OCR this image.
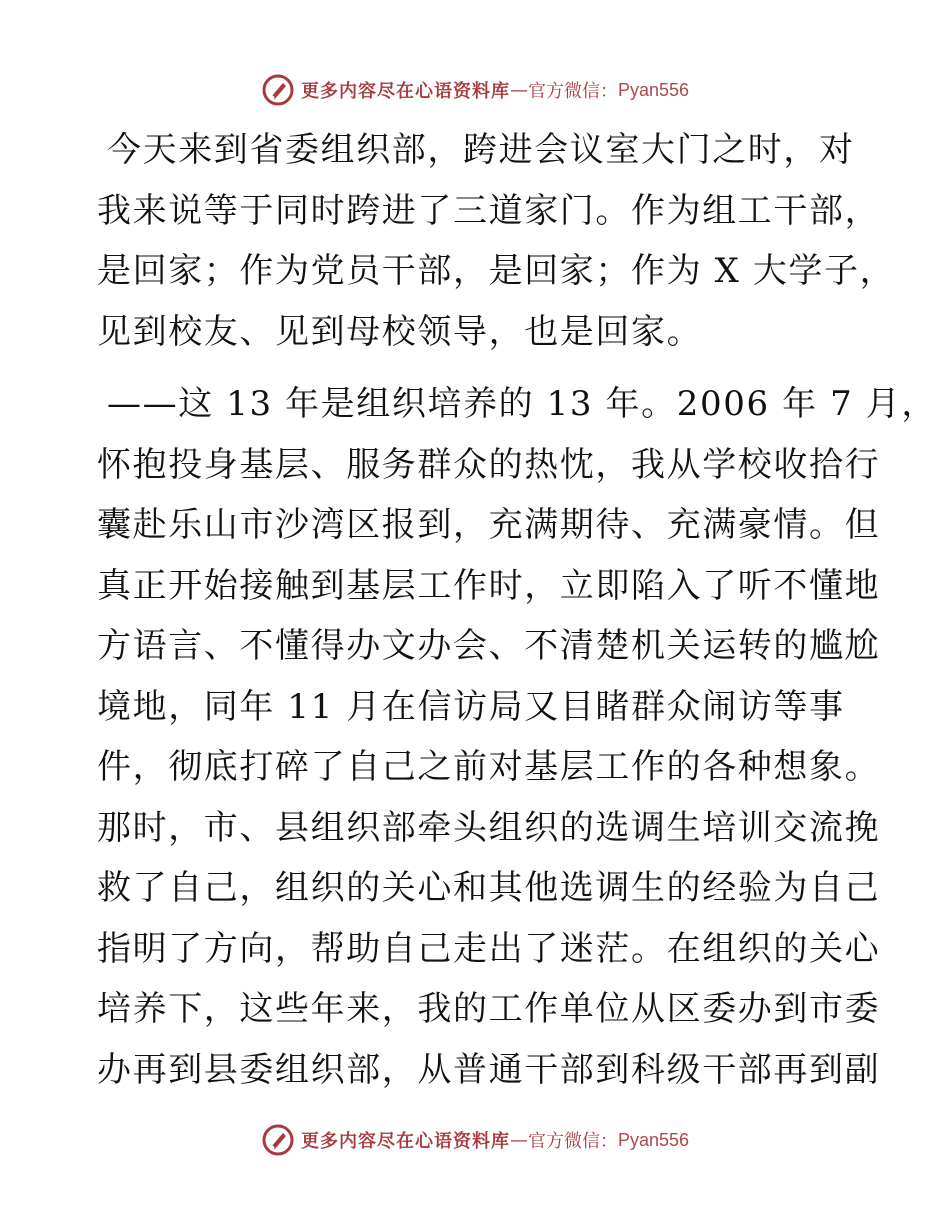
更多内容尽在心语资料库 — 官方微信： Pyan556
今天来到省委组织部，跨进会议室大门之时，对
我来说等于同时跨进了三道家门。作为组工干部，
是回家；作为党员干部，是回家；作为 X 大学子，
见到校友、见到母校领导，也是回家。
——这 13 年是组织培养的 13 年。2006 年 7 月，
怀抱投身基层、服务群众的热忱，我从学校收拾行
囊赴乐山市沙湾区报到，充满期待、充满豪情。但
真正开始接触到基层工作时，立即陷入了听不懂地
方语言、不懂得办文办会、不清楚机关运转的尴尬
境地，同年 11 月在信访局又目睹群众闹访等事
件，彻底打碎了自己之前对基层工作的各种想象。
那时，市、县组织部牵头组织的选调生培训交流挽
救了自己，组织的关心和其他选调生的经验为自己
指明了方向，帮助自己走出了迷茫。在组织的关心
培养下，这些年来，我的工作单位从区委办到市委
办再到县委组织部，从普通干部到科级干部再到副
更多内容尽在心语资料库 — 官方微信： Pyan556
